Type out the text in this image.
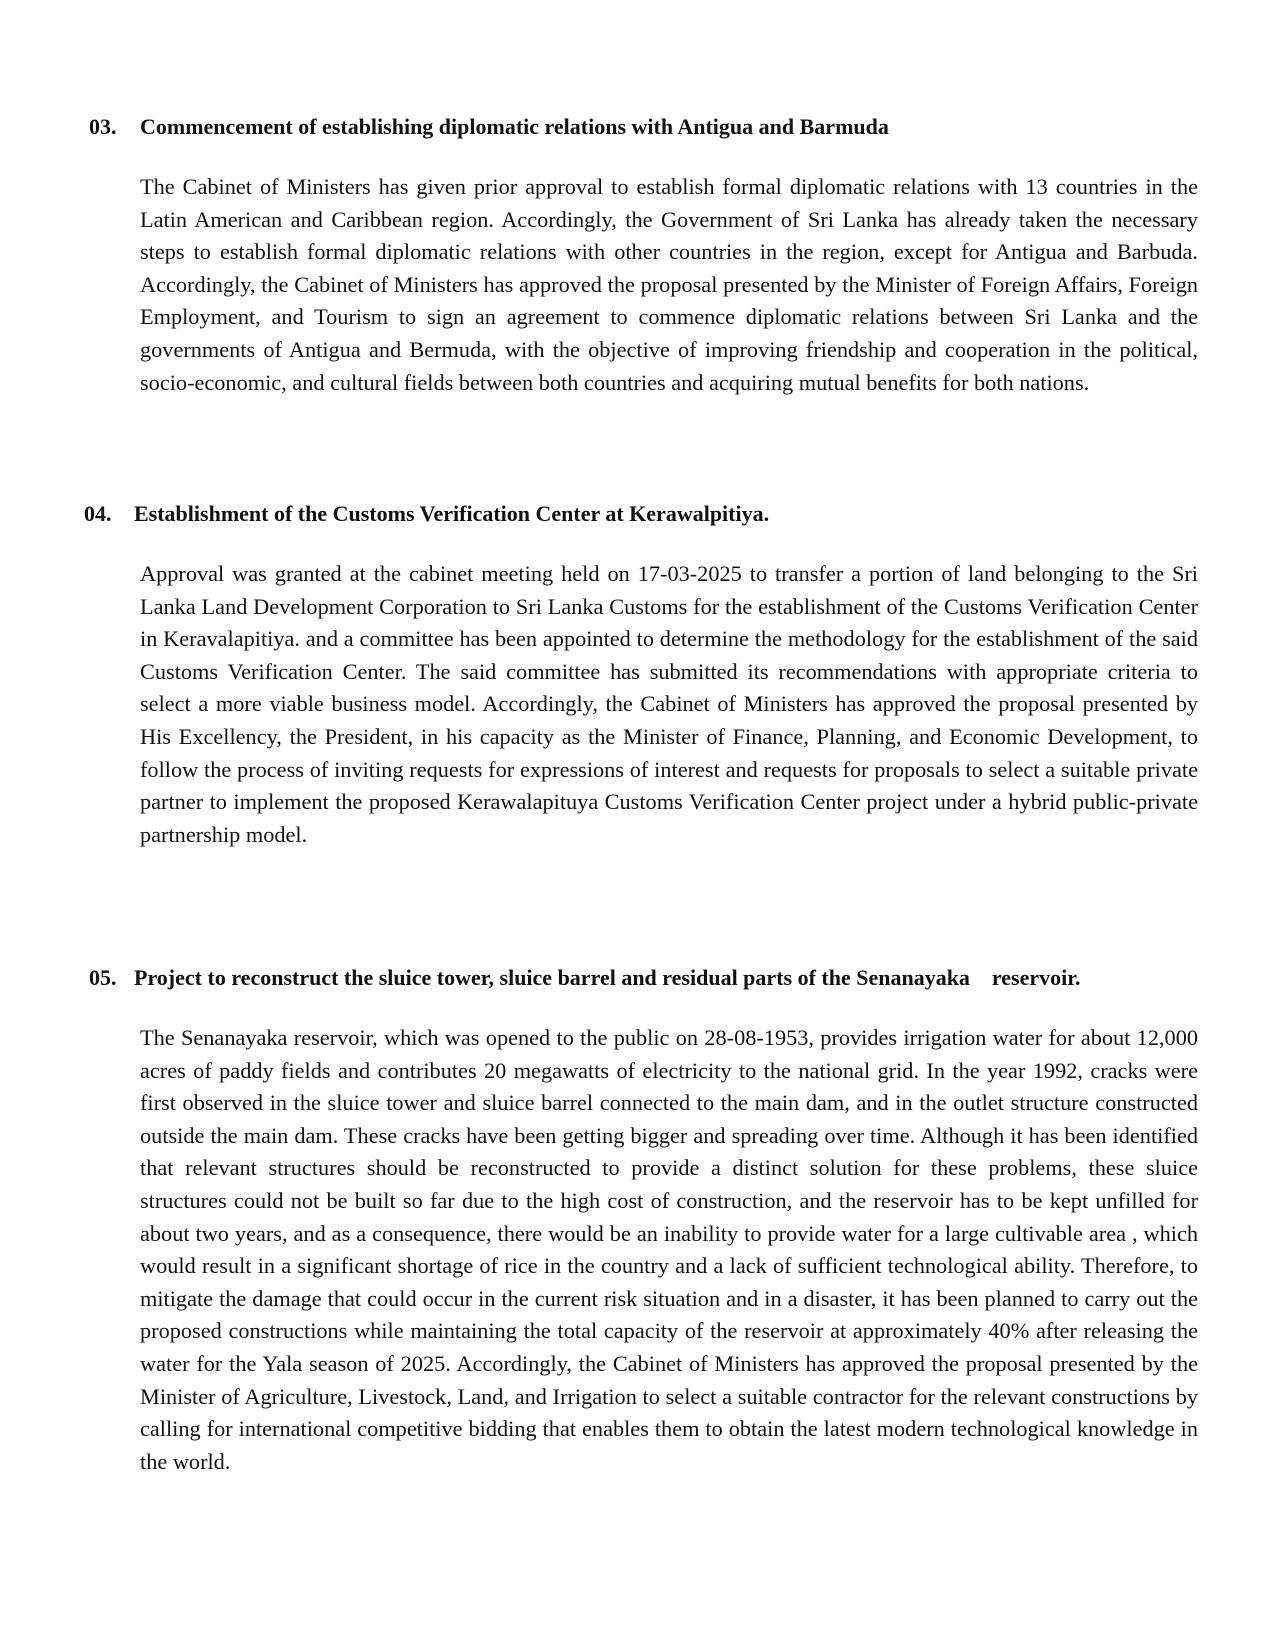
03. Commencement of establishing diplomatic relations with Antigua and Barmuda

The Cabinet of Ministers has given prior approval to establish formal diplomatic relations with 13 countries in the Latin American and Caribbean region. Accordingly, the Government of Sri Lanka has already taken the necessary steps to establish formal diplomatic relations with other countries in the region, except for Antigua and Barbuda. Accordingly, the Cabinet of Ministers has approved the proposal presented by the Minister of Foreign Affairs, Foreign Employment, and Tourism to sign an agreement to commence diplomatic relations between Sri Lanka and the governments of Antigua and Bermuda, with the objective of improving friendship and cooperation in the political, socio-economic, and cultural fields between both countries and acquiring mutual benefits for both nations.

04. Establishment of the Customs Verification Center at Kerawalpitiya.

Approval was granted at the cabinet meeting held on 17-03-2025 to transfer a portion of land belonging to the Sri Lanka Land Development Corporation to Sri Lanka Customs for the establishment of the Customs Verification Center in Keravalapitiya. and a committee has been appointed to determine the methodology for the establishment of the said Customs Verification Center. The said committee has submitted its recommendations with appropriate criteria to select a more viable business model. Accordingly, the Cabinet of Ministers has approved the proposal presented by His Excellency, the President, in his capacity as the Minister of Finance, Planning, and Economic Development, to follow the process of inviting requests for expressions of interest and requests for proposals to select a suitable private partner to implement the proposed Kerawalapituya Customs Verification Center project under a hybrid public-private partnership model.

05. Project to reconstruct the sluice tower, sluice barrel and residual parts of the Senanayaka    reservoir.

The Senanayaka reservoir, which was opened to the public on 28-08-1953, provides irrigation water for about 12,000 acres of paddy fields and contributes 20 megawatts of electricity to the national grid. In the year 1992, cracks were first observed in the sluice tower and sluice barrel connected to the main dam, and in the outlet structure constructed outside the main dam. These cracks have been getting bigger and spreading over time. Although it has been identified that relevant structures should be reconstructed to provide a distinct solution for these problems, these sluice structures could not be built so far due to the high cost of construction, and the reservoir has to be kept unfilled for about two years, and as a consequence, there would be an inability to provide water for a large cultivable area , which would result in a significant shortage of rice in the country and a lack of sufficient technological ability. Therefore, to mitigate the damage that could occur in the current risk situation and in a disaster, it has been planned to carry out the proposed constructions while maintaining the total capacity of the reservoir at approximately 40% after releasing the water for the Yala season of 2025. Accordingly, the Cabinet of Ministers has approved the proposal presented by the Minister of Agriculture, Livestock, Land, and Irrigation to select a suitable contractor for the relevant constructions by calling for international competitive bidding that enables them to obtain the latest modern technological knowledge in the world.
